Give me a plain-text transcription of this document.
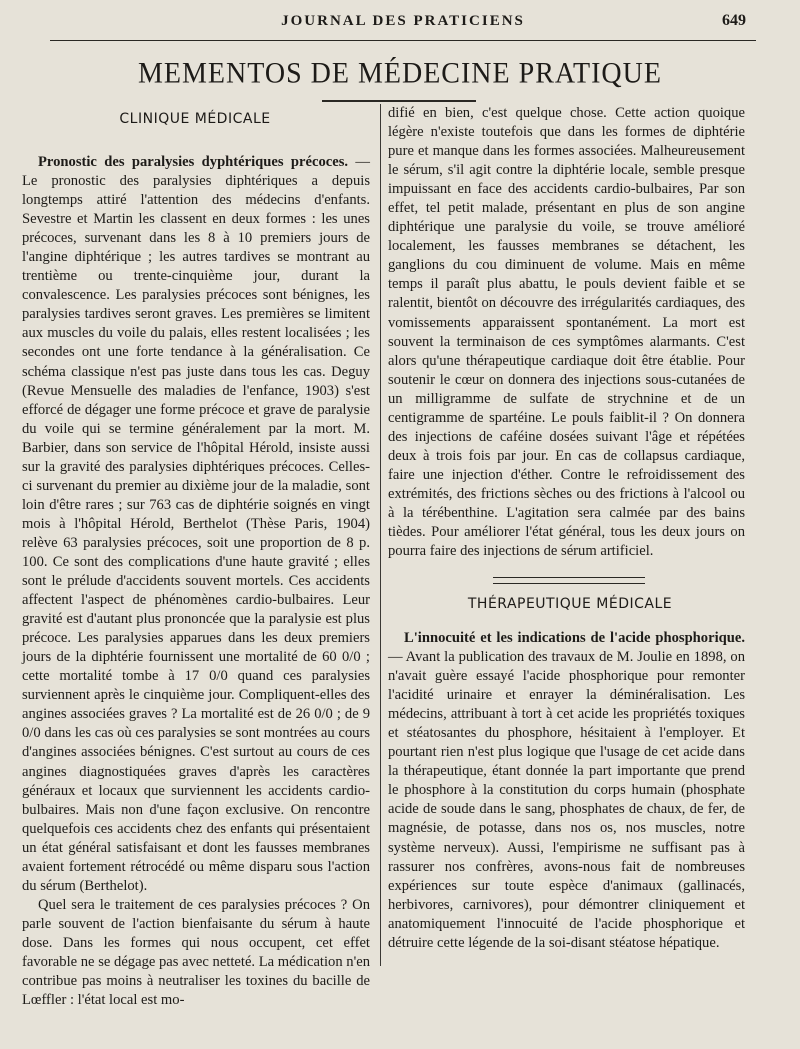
JOURNAL DES PRATICIENS	649
MEMENTOS DE MÉDECINE PRATIQUE
CLINIQUE MÉDICALE

Pronostic des paralysies dyphtériques précoces. — Le pronostic des paralysies diphtériques a depuis longtemps attiré l'attention des médecins d'enfants. Sevestre et Martin les classent en deux formes : les unes précoces, survenant dans les 8 à 10 premiers jours de l'angine diphtérique ; les autres tardives se montrant au trentième ou trente-cinquième jour, durant la convalescence. Les paralysies précoces sont bénignes, les paralysies tardives seront graves. Les premières se limitent aux muscles du voile du palais, elles restent localisées ; les secondes ont une forte tendance à la généralisation. Ce schéma classique n'est pas juste dans tous les cas. Deguy (Revue Mensuelle des maladies de l'enfance, 1903) s'est efforcé de dégager une forme précoce et grave de paralysie du voile qui se termine généralement par la mort. M. Barbier, dans son service de l'hôpital Hérold, insiste aussi sur la gravité des paralysies diphtériques précoces. Celles-ci survenant du premier au dixième jour de la maladie, sont loin d'être rares ; sur 763 cas de diphtérie soignés en vingt mois à l'hôpital Hérold, Berthelot (Thèse Paris, 1904) relève 63 paralysies précoces, soit une proportion de 8 p. 100. Ce sont des complications d'une haute gravité ; elles sont le prélude d'accidents souvent mortels. Ces accidents affectent l'aspect de phénomènes cardio-bulbaires. Leur gravité est d'autant plus prononcée que la paralysie est plus précoce. Les paralysies apparues dans les deux premiers jours de la diphtérie fournissent une mortalité de 60 0/0 ; cette mortalité tombe à 17 0/0 quand ces paralysies surviennent après le cinquième jour. Compliquent-elles des angines associées graves ? La mortalité est de 26 0/0 ; de 9 0/0 dans les cas où ces paralysies se sont montrées au cours d'angines associées bénignes. C'est surtout au cours de ces angines diagnostiquées graves d'après les caractères généraux et locaux que surviennent les accidents cardio-bulbaires. Mais non d'une façon exclusive. On rencontre quelquefois ces accidents chez des enfants qui présentaient un état général satisfaisant et dont les fausses membranes avaient fortement rétrocédé ou même disparu sous l'action du sérum (Berthelot).

Quel sera le traitement de ces paralysies précoces ? On parle souvent de l'action bienfaisante du sérum à haute dose. Dans les formes qui nous occupent, cet effet favorable ne se dégage pas avec netteté. La médication n'en contribue pas moins à neutraliser les toxines du bacille de Lœffler : l'état local est mo-

difié en bien, c'est quelque chose. Cette action quoique légère n'existe toutefois que dans les formes de diphtérie pure et manque dans les formes associées. Malheureusement le sérum, s'il agit contre la diphtérie locale, semble presque impuissant en face des accidents cardio-bulbaires, Par son effet, tel petit malade, présentant en plus de son angine diphtérique une paralysie du voile, se trouve amélioré localement, les fausses membranes se détachent, les ganglions du cou diminuent de volume. Mais en même temps il paraît plus abattu, le pouls devient faible et se ralentit, bientôt on découvre des irrégularités cardiaques, des vomissements apparaissent spontanément. La mort est souvent la terminaison de ces symptômes alarmants. C'est alors qu'une thérapeutique cardiaque doit être établie. Pour soutenir le cœur on donnera des injections sous-cutanées de un milligramme de sulfate de strychnine et de un centigramme de spartéine. Le pouls faiblit-il ? On donnera des injections de caféine dosées suivant l'âge et répétées deux à trois fois par jour. En cas de collapsus cardiaque, faire une injection d'éther. Contre le refroidissement des extrémités, des frictions sèches ou des frictions à l'alcool ou à la térébenthine. L'agitation sera calmée par des bains tièdes. Pour améliorer l'état général, tous les deux jours on pourra faire des injections de sérum artificiel.

THÉRAPEUTIQUE MÉDICALE

L'innocuité et les indications de l'acide phosphorique. — Avant la publication des travaux de M. Joulie en 1898, on n'avait guère essayé l'acide phosphorique pour remonter l'acidité urinaire et enrayer la déminéralisation. Les médecins, attribuant à tort à cet acide les propriétés toxiques et stéatosantes du phosphore, hésitaient à l'employer. Et pourtant rien n'est plus logique que l'usage de cet acide dans la thérapeutique, étant donnée la part importante que prend le phosphore à la constitution du corps humain (phosphate acide de soude dans le sang, phosphates de chaux, de fer, de magnésie, de potasse, dans nos os, nos muscles, notre système nerveux). Aussi, l'empirisme ne suffisant pas à rassurer nos confrères, avons-nous fait de nombreuses expériences sur toute espèce d'animaux (gallinacés, herbivores, carnivores), pour démontrer cliniquement et anatomiquement l'innocuité de l'acide phosphorique et détruire cette légende de la soi-disant stéatose hépatique.
